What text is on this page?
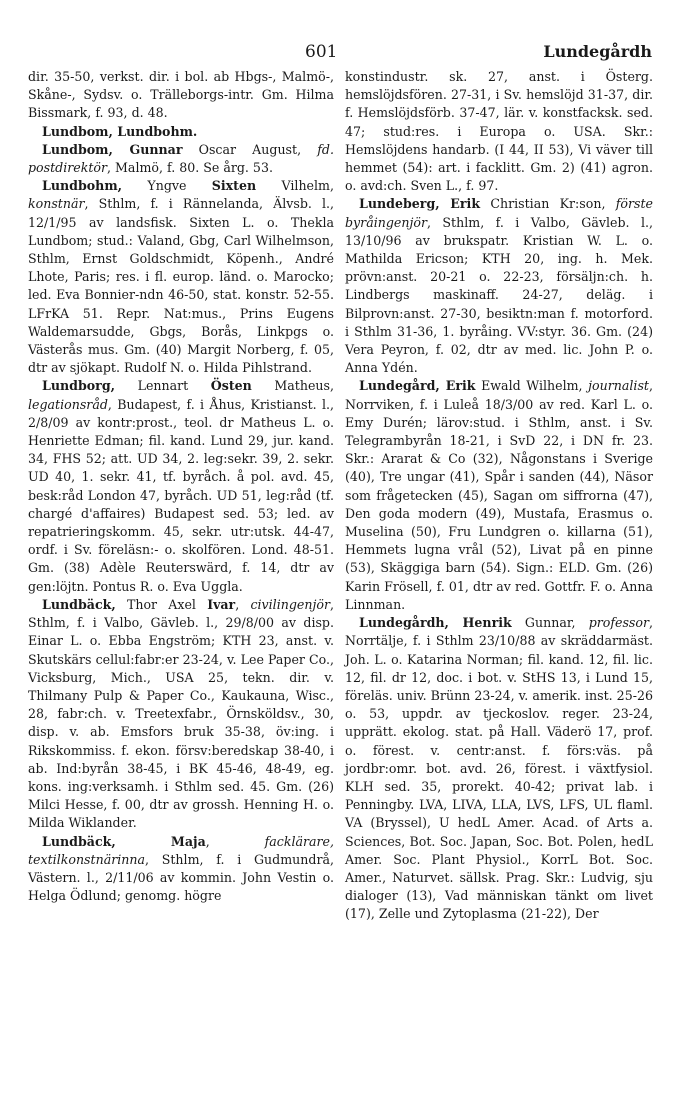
601	Lundegårdh

dir. 35-50, verkst. dir. i bol. ab Hbgs-, Malmö-, Skåne-, Sydsv. o. Trälleborgs-intr. Gm. Hilma Bissmark, f. 93, d. 48.

Lundbom, Lundbohm.

Lundbom, Gunnar Oscar August, fd. postdirektör, Malmö, f. 80. Se årg. 53.

Lundbohm, Yngve Sixten Vilhelm, konstnär, Sthlm, f. i Rännelanda, Älvsb. l., 12/1/95 av landsfisk. Sixten L. o. Thekla Lundbom; stud.: Valand, Gbg, Carl Wilhelmson, Sthlm, Ernst Goldschmidt, Köpenh., André Lhote, Paris; res. i fl. europ. länd. o. Marocko; led. Eva Bonnier-ndn 46-50, stat. konstr. 52-55. LFrKA 51. Repr. Nat:mus., Prins Eugens Waldemarsudde, Gbgs, Borås, Linkpgs o. Västerås mus. Gm. (40) Margit Norberg, f. 05, dtr av sjökapt. Rudolf N. o. Hilda Pihlstrand.

Lundborg, Lennart Östen Matheus, legationsråd, Budapest, f. i Åhus, Kristianst. l., 2/8/09 av kontr:prost., teol. dr Matheus L. o. Henriette Edman; fil. kand. Lund 29, jur. kand. 34, FHS 52; att. UD 34, 2. leg:sekr. 39, 2. sekr. UD 40, 1. sekr. 41, tf. byråch. å pol. avd. 45, besk:råd London 47, byråch. UD 51, leg:råd (tf. chargé d'affaires) Budapest sed. 53; led. av repatrieringskomm. 45, sekr. utr:utsk. 44-47, ordf. i Sv. föreläsn:- o. skolfören. Lond. 48-51. Gm. (38) Adèle Reuterswärd, f. 14, dtr av gen:löjtn. Pontus R. o. Eva Uggla.

Lundbäck, Thor Axel Ivar, civilingenjör, Sthlm, f. i Valbo, Gävleb. l., 29/8/00 av disp. Einar L. o. Ebba Engström; KTH 23, anst. v. Skutskärs cellul:fabr:er 23-24, v. Lee Paper Co., Vicksburg, Mich., USA 25, tekn. dir. v. Thilmany Pulp & Paper Co., Kaukauna, Wisc., 28, fabr:ch. v. Treetexfabr., Örnsköldsv., 30, disp. v. ab. Emsfors bruk 35-38, öv:ing. i Rikskommiss. f. ekon. försv:beredskap 38-40, i ab. Ind:byrån 38-45, i BK 45-46, 48-49, eg. kons. ing:verksamh. i Sthlm sed. 45. Gm. (26) Milci Hesse, f. 00, dtr av grossh. Henning H. o. Milda Wiklander.

Lundbäck, Maja, facklärare, textilkonstnärinna, Sthlm, f. i Gudmundrå, Västern. l., 2/11/06 av kommin. John Vestin o. Helga Ödlund; genomg. högre

konstindustr. sk. 27, anst. i Österg. hemslöjdsfören. 27-31, i Sv. hemslöjd 31-37, dir. f. Hemslöjdsförb. 37-47, lär. v. konstfacksk. sed. 47; stud:res. i Europa o. USA. Skr.: Hemslöjdens handarb. (I 44, II 53), Vi väver till hemmet (54): art. i facklitt. Gm. 2) (41) agron. o. avd:ch. Sven L., f. 97.

Lundeberg, Erik Christian Kr:son, förste byråingenjör, Sthlm, f. i Valbo, Gävleb. l., 13/10/96 av brukspatr. Kristian W. L. o. Mathilda Ericson; KTH 20, ing. h. Mek. prövn:anst. 20-21 o. 22-23, försäljn:ch. h. Lindbergs maskinaff. 24-27, deläg. i Bilprovn:anst. 27-30, besiktn:man f. motorford. i Sthlm 31-36, 1. byråing. VV:styr. 36. Gm. (24) Vera Peyron, f. 02, dtr av med. lic. John P. o. Anna Ydén.

Lundegård, Erik Ewald Wilhelm, journalist, Norrviken, f. i Luleå 18/3/00 av red. Karl L. o. Emy Durén; lärov:stud. i Sthlm, anst. i Sv. Telegrambyrån 18-21, i SvD 22, i DN fr. 23. Skr.: Ararat & Co (32), Någonstans i Sverige (40), Tre ungar (41), Spår i sanden (44), Näsor som frågetecken (45), Sagan om siffrorna (47), Den goda modern (49), Mustafa, Erasmus o. Muselina (50), Fru Lundgren o. killarna (51), Hemmets lugna vrål (52), Livat på en pinne (53), Skäggiga barn (54). Sign.: ELD. Gm. (26) Karin Frösell, f. 01, dtr av red. Gottfr. F. o. Anna Linnman.

Lundegårdh, Henrik Gunnar, professor, Norrtälje, f. i Sthlm 23/10/88 av skräddarmäst. Joh. L. o. Katarina Norman; fil. kand. 12, fil. lic. 12, fil. dr 12, doc. i bot. v. StHS 13, i Lund 15, föreläs. univ. Brünn 23-24, v. amerik. inst. 25-26 o. 53, uppdr. av tjeckoslov. reger. 23-24, upprätt. ekolog. stat. på Hall. Väderö 17, prof. o. förest. v. centr:anst. f. förs:väs. på jordbr:omr. bot. avd. 26, förest. i växtfysiol. KLH sed. 35, prorekt. 40-42; privat lab. i Penningby. LVA, LIVA, LLA, LVS, LFS, UL flaml. VA (Bryssel), U hedL Amer. Acad. of Arts a. Sciences, Bot. Soc. Japan, Soc. Bot. Polen, hedL Amer. Soc. Plant Physiol., KorrL Bot. Soc. Amer., Naturvet. sällsk. Prag. Skr.: Ludvig, sju dialoger (13), Vad människan tänkt om livet (17), Zelle und Zytoplasma (21-22), Der
